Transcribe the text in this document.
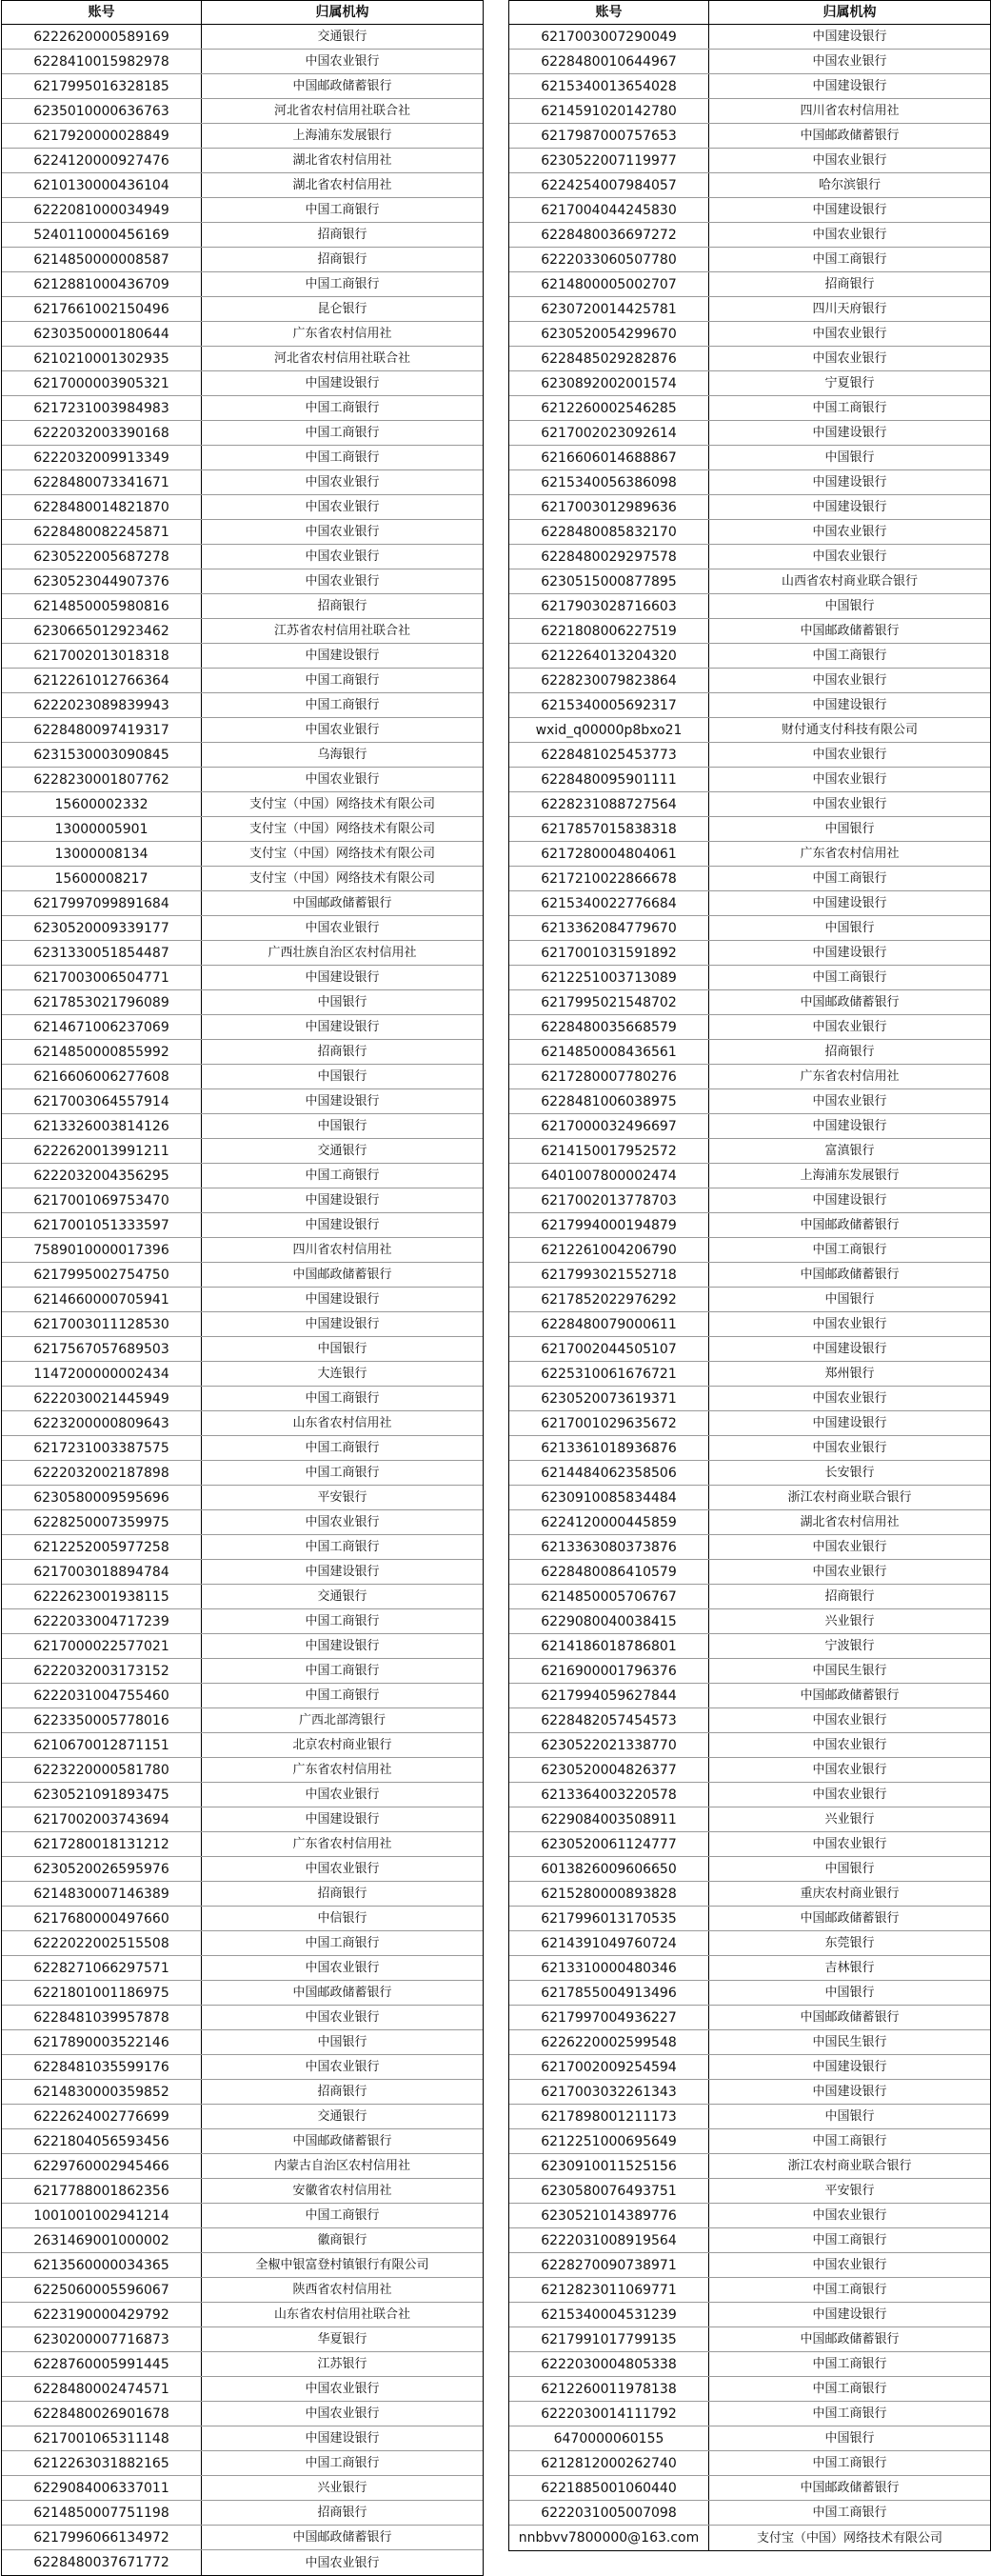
账号	归属机构
6222620000589169	交通银行
6228410015982978	中国农业银行
6217995016328185	中国邮政储蓄银行
6235010000636763	河北省农村信用社联合社
6217920000028849	上海浦东发展银行
6224120000927476	湖北省农村信用社
6210130000436104	湖北省农村信用社
6222081000034949	中国工商银行
5240110000456169	招商银行
6214850000008587	招商银行
6212881000436709	中国工商银行
6217661002150496	昆仑银行
6230350000180644	广东省农村信用社
6210210001302935	河北省农村信用社联合社
6217000003905321	中国建设银行
6217231003984983	中国工商银行
6222032003390168	中国工商银行
6222032009913349	中国工商银行
6228480073341671	中国农业银行
6228480014821870	中国农业银行
6228480082245871	中国农业银行
6230522005687278	中国农业银行
6230523044907376	中国农业银行
6214850005980816	招商银行
6230665012923462	江苏省农村信用社联合社
6217002013018318	中国建设银行
6212261012766364	中国工商银行
6222023089839943	中国工商银行
6228480097419317	中国农业银行
6231530003090845	乌海银行
6228230001807762	中国农业银行
15600002332	支付宝（中国）网络技术有限公司
13000005901	支付宝（中国）网络技术有限公司
13000008134	支付宝（中国）网络技术有限公司
15600008217	支付宝（中国）网络技术有限公司
6217997099891684	中国邮政储蓄银行
6230520009339177	中国农业银行
6231330051854487	广西壮族自治区农村信用社
6217003006504771	中国建设银行
6217853021796089	中国银行
6214671006237069	中国建设银行
6214850000855992	招商银行
6216606006277608	中国银行
6217003064557914	中国建设银行
6213326003814126	中国银行
6222620013991211	交通银行
6222032004356295	中国工商银行
6217001069753470	中国建设银行
6217001051333597	中国建设银行
7589010000017396	四川省农村信用社
6217995002754750	中国邮政储蓄银行
6214660000705941	中国建设银行
6217003011128530	中国建设银行
6217567057689503	中国银行
1147200000002434	大连银行
6222030021445949	中国工商银行
6223200000809643	山东省农村信用社
6217231003387575	中国工商银行
6222032002187898	中国工商银行
6230580009595696	平安银行
6228250007359975	中国农业银行
6212252005977258	中国工商银行
6217003018894784	中国建设银行
6222623001938115	交通银行
6222033004717239	中国工商银行
6217000022577021	中国建设银行
6222032003173152	中国工商银行
6222031004755460	中国工商银行
6223350005778016	广西北部湾银行
6210670012871151	北京农村商业银行
6223220000581780	广东省农村信用社
6230521091893475	中国农业银行
6217002003743694	中国建设银行
6217280018131212	广东省农村信用社
6230520026595976	中国农业银行
6214830007146389	招商银行
6217680000497660	中信银行
6222022002515508	中国工商银行
6228271066297571	中国农业银行
6221801001186975	中国邮政储蓄银行
6228481039957878	中国农业银行
6217890003522146	中国银行
6228481035599176	中国农业银行
6214830000359852	招商银行
6222624002776699	交通银行
6221804056593456	中国邮政储蓄银行
6229760002945466	内蒙古自治区农村信用社
6217788001862356	安徽省农村信用社
1001001002941214	中国工商银行
2631469001000002	徽商银行
6213560000034365	全椒中银富登村镇银行有限公司
6225060005596067	陕西省农村信用社
6223190000429792	山东省农村信用社联合社
6230200007716873	华夏银行
6228760005991445	江苏银行
6228480002474571	中国农业银行
6228480026901678	中国农业银行
6217001065311148	中国建设银行
6212263031882165	中国工商银行
6229084006337011	兴业银行
6214850007751198	招商银行
6217996066134972	中国邮政储蓄银行
6228480037671772	中国农业银行
账号	归属机构
6217003007290049	中国建设银行
6228480010644967	中国农业银行
6215340013654028	中国建设银行
6214591020142780	四川省农村信用社
6217987000757653	中国邮政储蓄银行
6230522007119977	中国农业银行
6224254007984057	哈尔滨银行
6217004044245830	中国建设银行
6228480036697272	中国农业银行
6222033060507780	中国工商银行
6214800005002707	招商银行
6230720014425781	四川天府银行
6230520054299670	中国农业银行
6228485029282876	中国农业银行
6230892002001574	宁夏银行
6212260002546285	中国工商银行
6217002023092614	中国建设银行
6216606014688867	中国银行
6215340056386098	中国建设银行
6217003012989636	中国建设银行
6228480085832170	中国农业银行
6228480029297578	中国农业银行
6230515000877895	山西省农村商业联合银行
6217903028716603	中国银行
6221808006227519	中国邮政储蓄银行
6212264013204320	中国工商银行
6228230079823864	中国农业银行
6215340005692317	中国建设银行
wxid_q00000p8bxo21	财付通支付科技有限公司
6228481025453773	中国农业银行
6228480095901111	中国农业银行
6228231088727564	中国农业银行
6217857015838318	中国银行
6217280004804061	广东省农村信用社
6217210022866678	中国工商银行
6215340022776684	中国建设银行
6213362084779670	中国银行
6217001031591892	中国建设银行
6212251003713089	中国工商银行
6217995021548702	中国邮政储蓄银行
6228480035668579	中国农业银行
6214850008436561	招商银行
6217280007780276	广东省农村信用社
6228481006038975	中国农业银行
6217000032496697	中国建设银行
6214150017952572	富滇银行
6401007800002474	上海浦东发展银行
6217002013778703	中国建设银行
6217994000194879	中国邮政储蓄银行
6212261004206790	中国工商银行
6217993021552718	中国邮政储蓄银行
6217852022976292	中国银行
6228480079000611	中国农业银行
6217002044505107	中国建设银行
6225310061676721	郑州银行
6230520073619371	中国农业银行
6217001029635672	中国建设银行
6213361018936876	中国农业银行
6214484062358506	长安银行
6230910085834484	浙江农村商业联合银行
6224120000445859	湖北省农村信用社
6213363080373876	中国农业银行
6228480086410579	中国农业银行
6214850005706767	招商银行
6229080040038415	兴业银行
6214186018786801	宁波银行
6216900001796376	中国民生银行
6217994059627844	中国邮政储蓄银行
6228482057454573	中国农业银行
6230522021338770	中国农业银行
6230520004826377	中国农业银行
6213364003220578	中国农业银行
6229084003508911	兴业银行
6230520061124777	中国农业银行
6013826009606650	中国银行
6215280000893828	重庆农村商业银行
6217996013170535	中国邮政储蓄银行
6214391049760724	东莞银行
6213310000480346	吉林银行
6217855004913496	中国银行
6217997004936227	中国邮政储蓄银行
6226220002599548	中国民生银行
6217002009254594	中国建设银行
6217003032261343	中国建设银行
6217898001211173	中国银行
6212251000695649	中国工商银行
6230910011525156	浙江农村商业联合银行
6230580076493751	平安银行
6230521014389776	中国农业银行
6222031008919564	中国工商银行
6228270090738971	中国农业银行
6212823011069771	中国工商银行
6215340004531239	中国建设银行
6217991017799135	中国邮政储蓄银行
6222030004805338	中国工商银行
6212260011978138	中国工商银行
6222030014111792	中国工商银行
6470000060155	中国银行
6212812000262740	中国工商银行
6221885001060440	中国邮政储蓄银行
6222031005007098	中国工商银行
nnbbvv7800000@163.com	支付宝（中国）网络技术有限公司
